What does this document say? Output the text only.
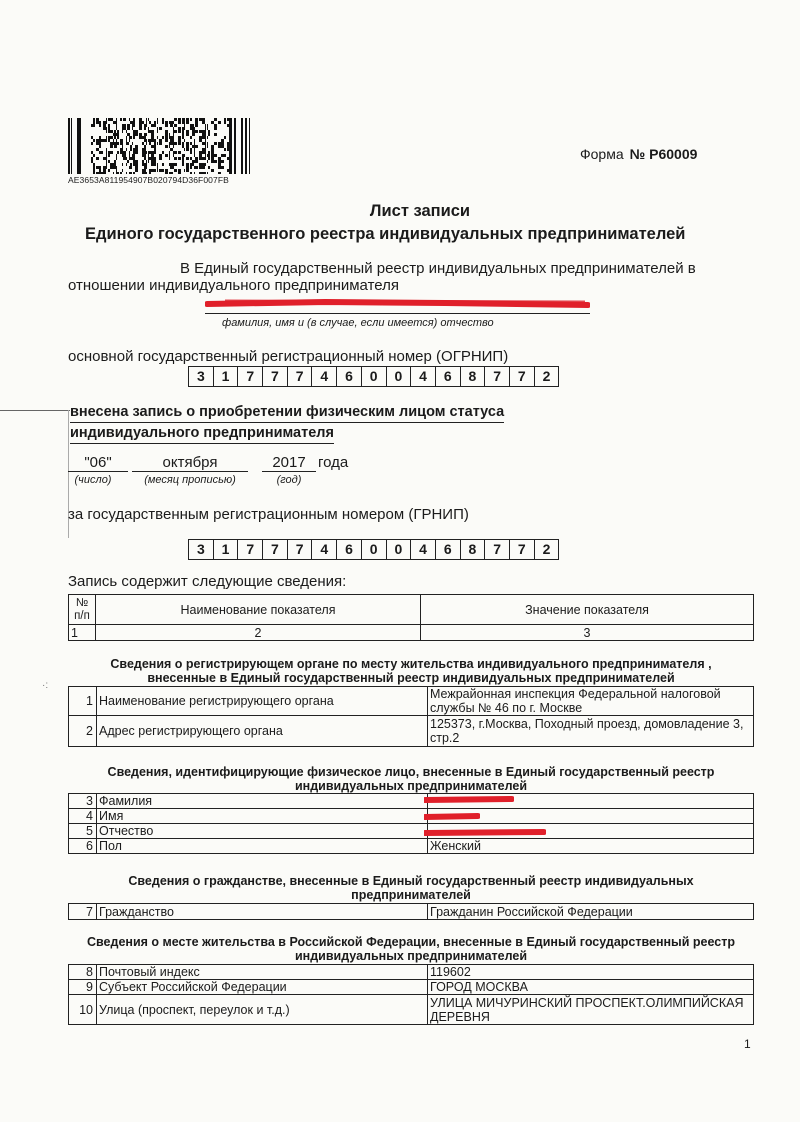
AE3653A811954907B020794D36F007FB
Форма № Р60009
Лист записи
Единого государственного реестра индивидуальных предпринимателей
В Единый государственный реестр индивидуальных предпринимателей в
отношении индивидуального предпринимателя
фамилия, имя и (в случае, если имеется) отчество
основной государственный регистрационный номер (ОГРНИП)
3	1	7	7	7	4	6	0	0	4	6	8	7	7	2
внесена запись о приобретении физическим лицом статуса
индивидуального предпринимателя
"06"	октября	2017 года
(число)	(месяц прописью)	(год)
за государственным регистрационным номером (ГРНИП)
3	1	7	7	7	4	6	0	0	4	6	8	7	7	2
Запись содержит следующие сведения:
№ п/п	Наименование показателя	Значение показателя
1	2	3
·:
Сведения о регистрирующем органе по месту жительства индивидуального предпринимателя ,
внесенные в Единый государственный реестр индивидуальных предпринимателей
1	Наименование регистрирующего органа	Межрайонная инспекция Федеральной налоговой службы № 46 по г. Москве
2	Адрес регистрирующего органа	125373, г.Москва, Походный проезд, домовладение 3, стр.2
Сведения, идентифицирующие физическое лицо, внесенные в Единый государственный реестр
индивидуальных предпринимателей
3	Фамилия	
4	Имя	
5	Отчество	
6	Пол	Женский
Сведения о гражданстве, внесенные в Единый государственный реестр индивидуальных
предпринимателей
7	Гражданство	Гражданин Российской Федерации
Сведения о месте жительства в Российской Федерации, внесенные в Единый государственный реестр
индивидуальных предпринимателей
8	Почтовый индекс	119602
9	Субъект Российской Федерации	ГОРОД МОСКВА
10	Улица (проспект, переулок и т.д.)	УЛИЦА МИЧУРИНСКИЙ ПРОСПЕКТ.ОЛИМПИЙСКАЯ ДЕРЕВНЯ
1
